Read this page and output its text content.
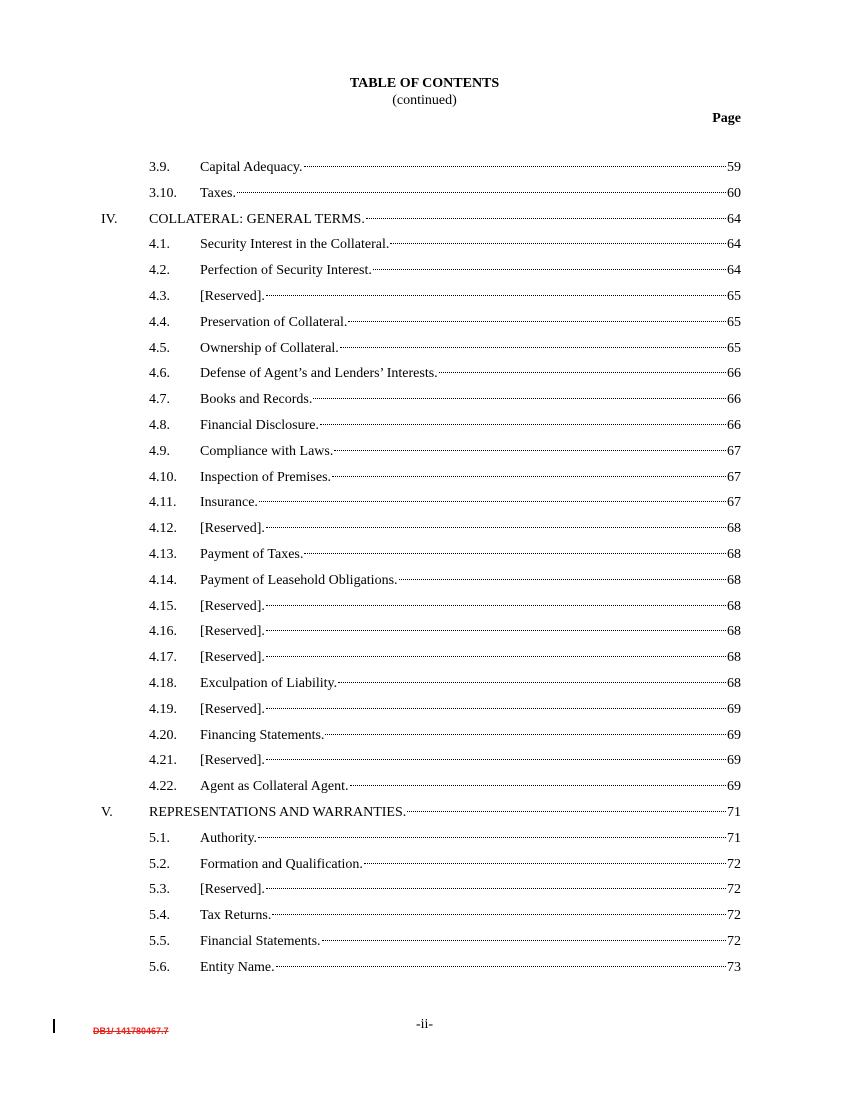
TABLE OF CONTENTS
(continued)
Page
3.9. Capital Adequacy.	59
3.10. Taxes.	60
IV. COLLATERAL: GENERAL TERMS.	64
4.1. Security Interest in the Collateral.	64
4.2. Perfection of Security Interest.	64
4.3. [Reserved].	65
4.4. Preservation of Collateral.	65
4.5. Ownership of Collateral.	65
4.6. Defense of Agent’s and Lenders’ Interests.	66
4.7. Books and Records.	66
4.8. Financial Disclosure.	66
4.9. Compliance with Laws.	67
4.10. Inspection of Premises.	67
4.11. Insurance.	67
4.12. [Reserved].	68
4.13. Payment of Taxes.	68
4.14. Payment of Leasehold Obligations.	68
4.15. [Reserved].	68
4.16. [Reserved].	68
4.17. [Reserved].	68
4.18. Exculpation of Liability.	68
4.19. [Reserved].	69
4.20. Financing Statements.	69
4.21. [Reserved].	69
4.22. Agent as Collateral Agent.	69
V.	REPRESENTATIONS AND WARRANTIES.	71
5.1. Authority.	71
5.2. Formation and Qualification.	72
5.3. [Reserved].	72
5.4. Tax Returns.	72
5.5. Financial Statements.	72
5.6. Entity Name.	73
-ii-
DB1/ 141780467.7
